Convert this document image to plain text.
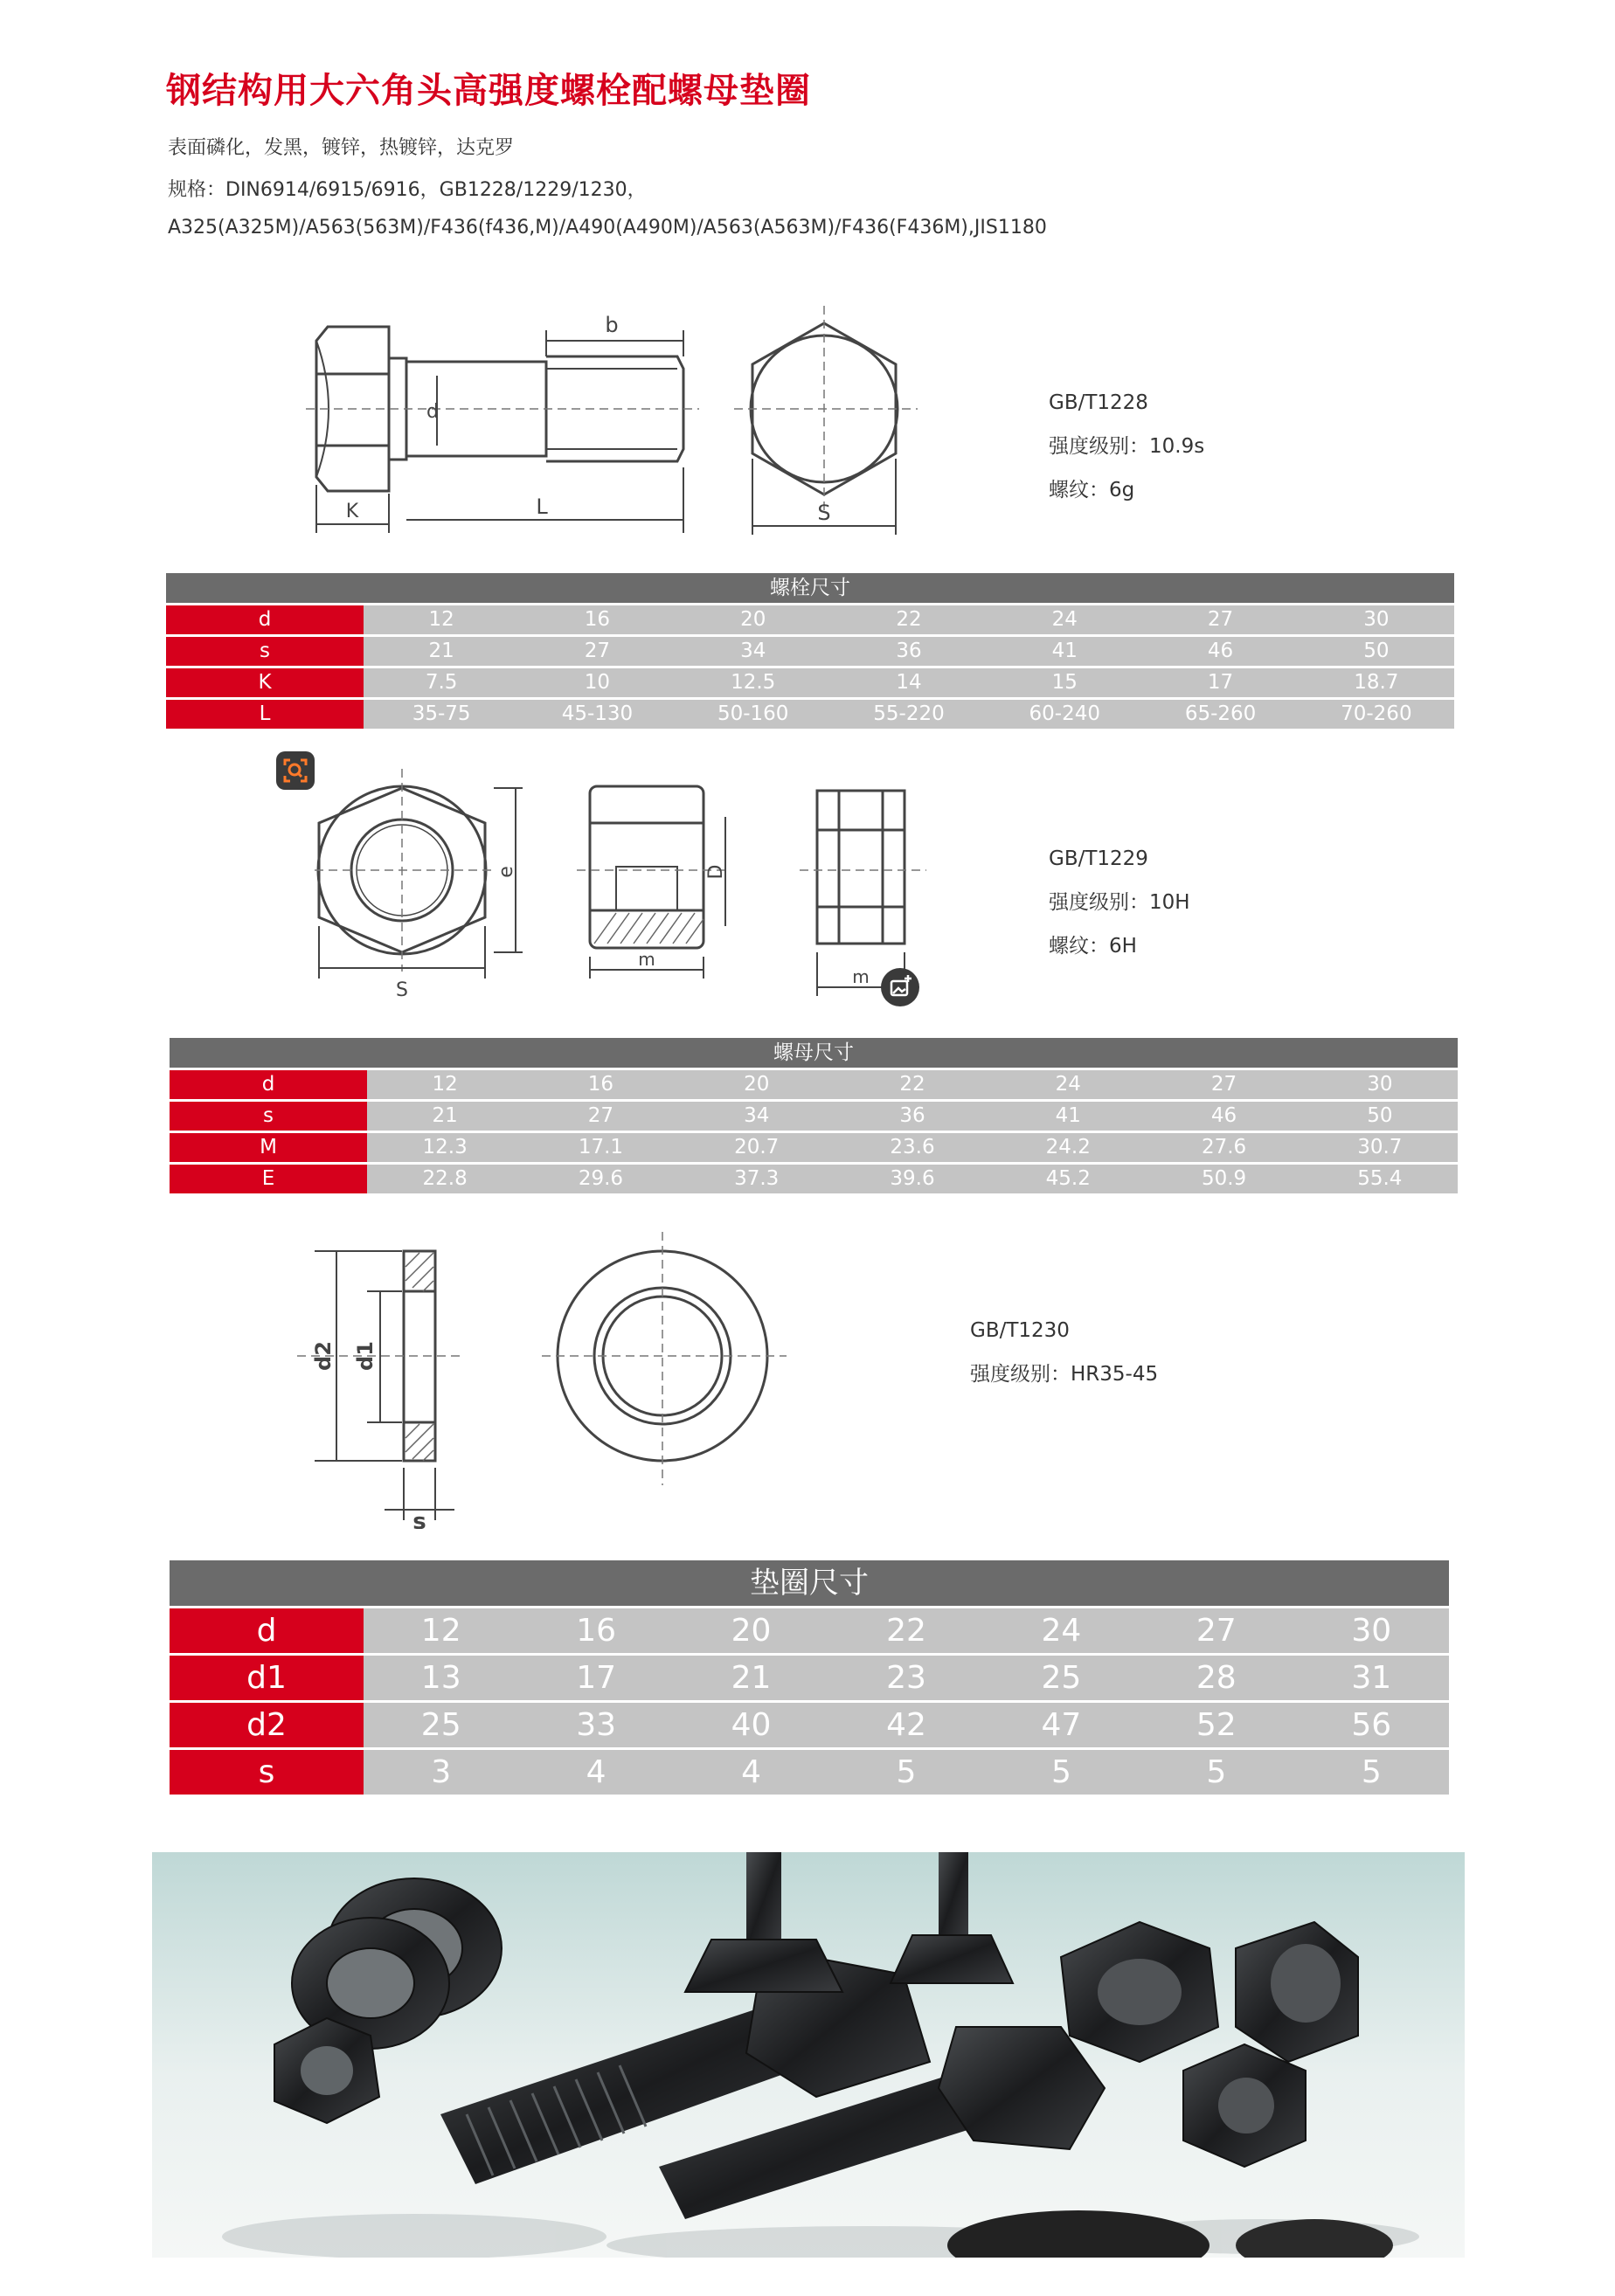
钢结构用大六角头高强度螺栓配螺母垫圈
表面磷化，发黑，镀锌，热镀锌，达克罗
规格：DIN6914/6915/6916，GB1228/1229/1230，
A325(A325M)/A563(563M)/F436(f436,M)/A490(A490M)/A563(A563M)/F436(F436M),JIS1180
b
d
K	L	S
GB/T1228
强度级别：10.9s
螺纹：6g
螺栓尺寸							
d	12	16	20	22	24	27	30
s	21	27	34	36	41	46	50
K	7.5	10	12.5	14	15	17	18.7
L	35-75	45-130	50-160	55-220	60-240	65-260	70-260
e
S
m
D
m
GB/T1229
强度级别：10H
螺纹：6H
螺母尺寸							
d	12	16	20	22	24	27	30
s	21	27	34	36	41	46	50
M	12.3	17.1	20.7	23.6	24.2	27.6	30.7
E	22.8	29.6	37.3	39.6	45.2	50.9	55.4
d2 d1
s
GB/T1230
强度级别：HR35-45
垫圈尺寸							
d	12	16	20	22	24	27	30
d1	13	17	21	23	25	28	31
d2	25	33	40	42	47	52	56
s	3	4	4	5	5	5	5
